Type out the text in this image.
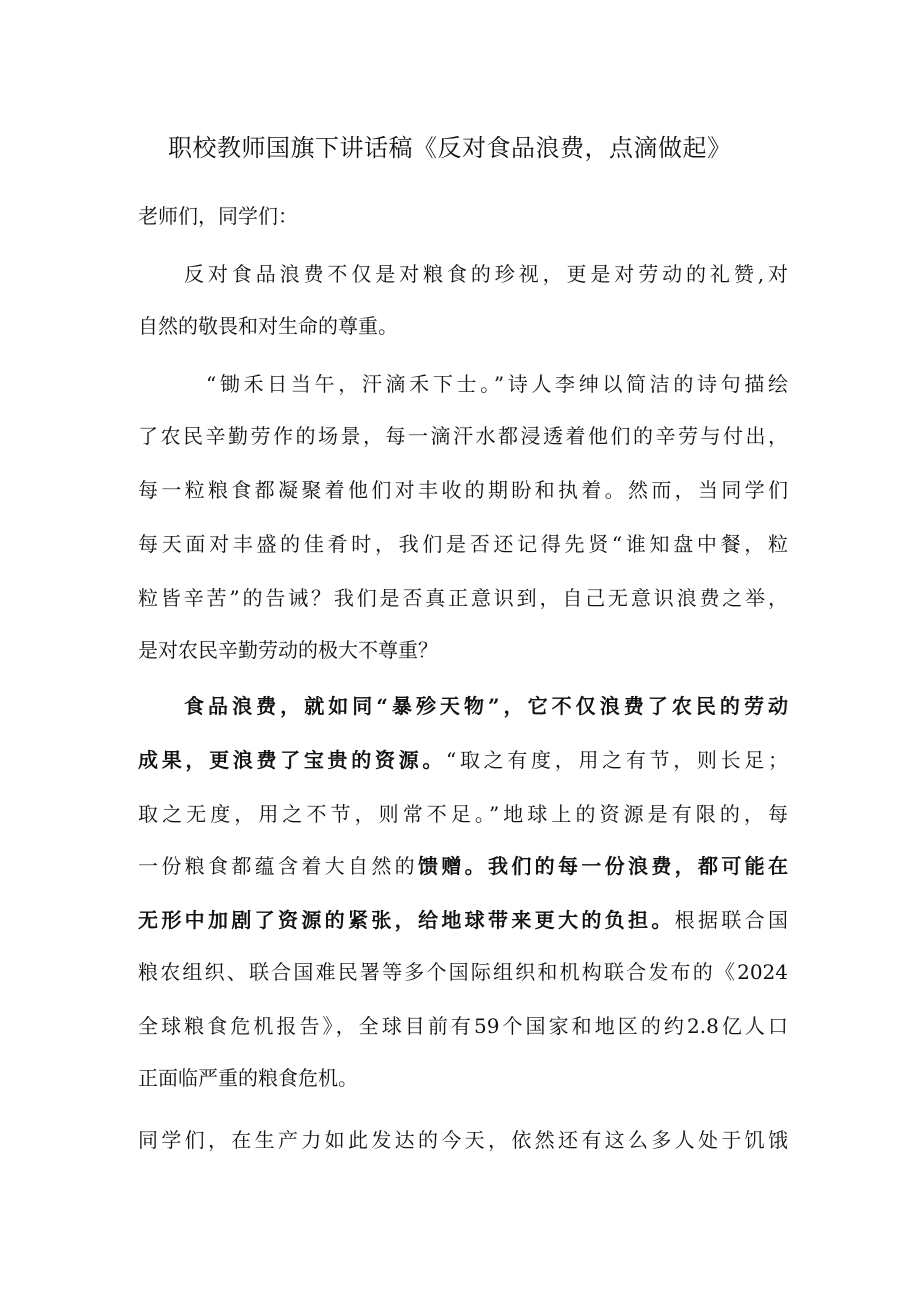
职校教师国旗下讲话稿《反对食品浪费，点滴做起》
老师们，同学们：
反对食品浪费不仅是对粮食的珍视，更是对劳动的礼赞,对
自然的敬畏和对生命的尊重。
“锄禾日当午，汗滴禾下士。”诗人李绅以简洁的诗句描绘
了农民辛勤劳作的场景，每一滴汗水都浸透着他们的辛劳与付出，
每一粒粮食都凝聚着他们对丰收的期盼和执着。然而，当同学们
每天面对丰盛的佳肴时，我们是否还记得先贤“谁知盘中餐，粒
粒皆辛苦”的告诫？我们是否真正意识到，自己无意识浪费之举，
是对农民辛勤劳动的极大不尊重？
食品浪费，就如同“暴殄天物”，它不仅浪费了农民的劳动
成果，更浪费了宝贵的资源。“取之有度，用之有节，则长足；
取之无度，用之不节，则常不足。”地球上的资源是有限的，每
一份粮食都蕴含着大自然的馈赠。我们的每一份浪费，都可能在
无形中加剧了资源的紧张，给地球带来更大的负担。根据联合国
粮农组织、联合国难民署等多个国际组织和机构联合发布的《2024
全球粮食危机报告》，全球目前有59个国家和地区的约2.8亿人口
正面临严重的粮食危机。
同学们，在生产力如此发达的今天，依然还有这么多人处于饥饿
